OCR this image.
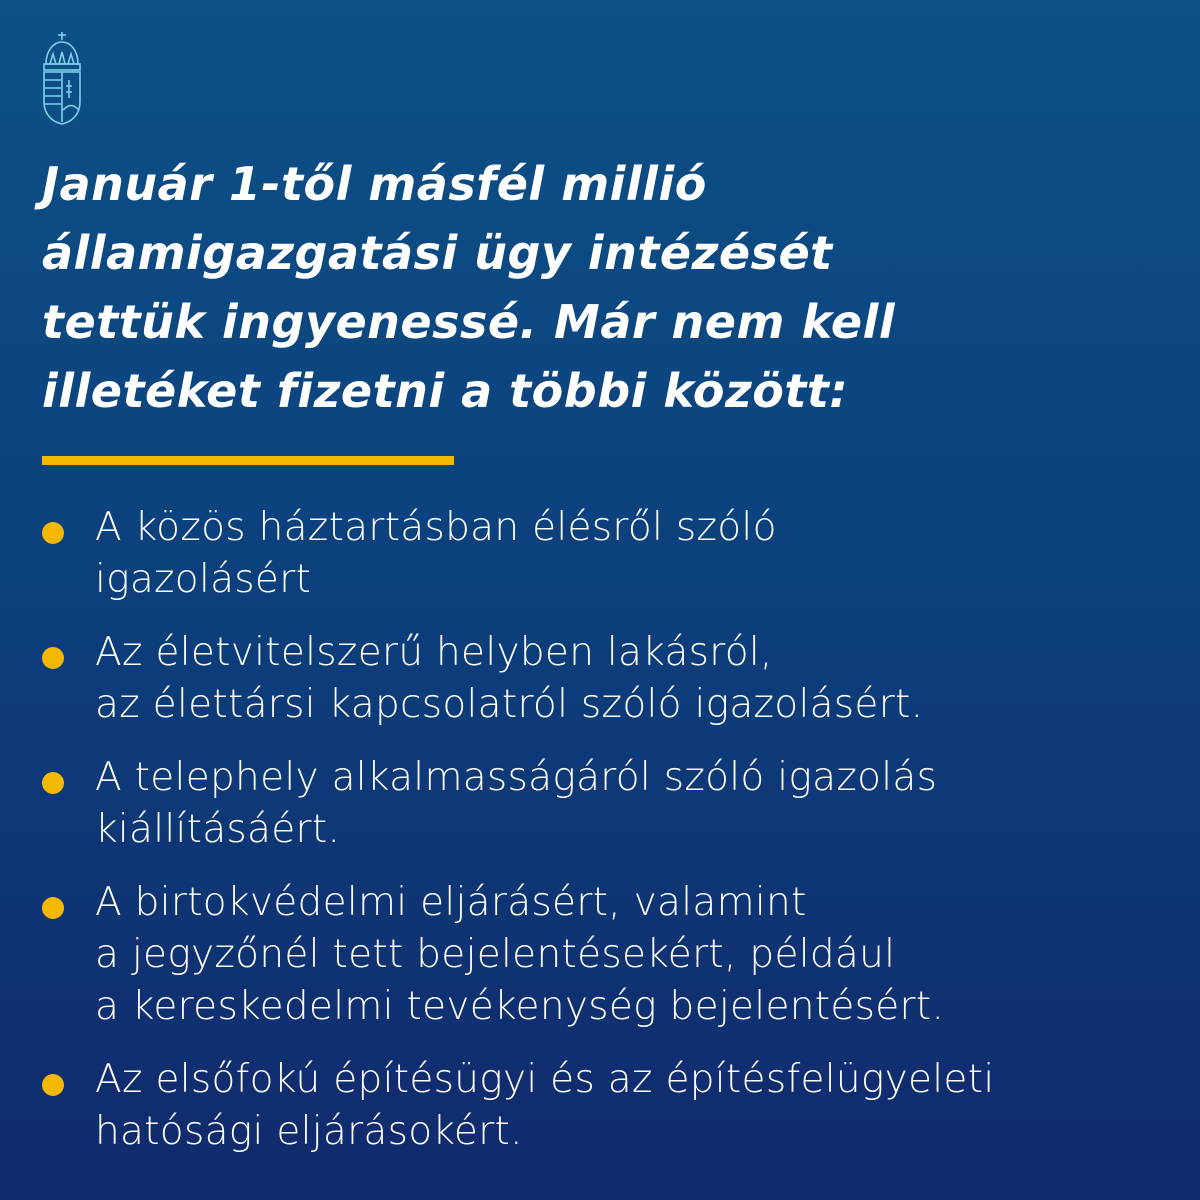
Január 1-től másfél millió
államigazgatási ügy intézését
tettük ingyenessé. Már nem kell
illetéket fizetni a többi között:
A közös háztartásban élésről szóló
igazolásért
Az életvitelszerű helyben lakásról,
az élettársi kapcsolatról szóló igazolásért.
A telephely alkalmasságáról szóló igazolás
kiállításáért.
A birtokvédelmi eljárásért, valamint
a jegyzőnél tett bejelentésekért, például
a kereskedelmi tevékenység bejelentésért.
Az elsőfokú építésügyi és az építésfelügyeleti
hatósági eljárásokért.
